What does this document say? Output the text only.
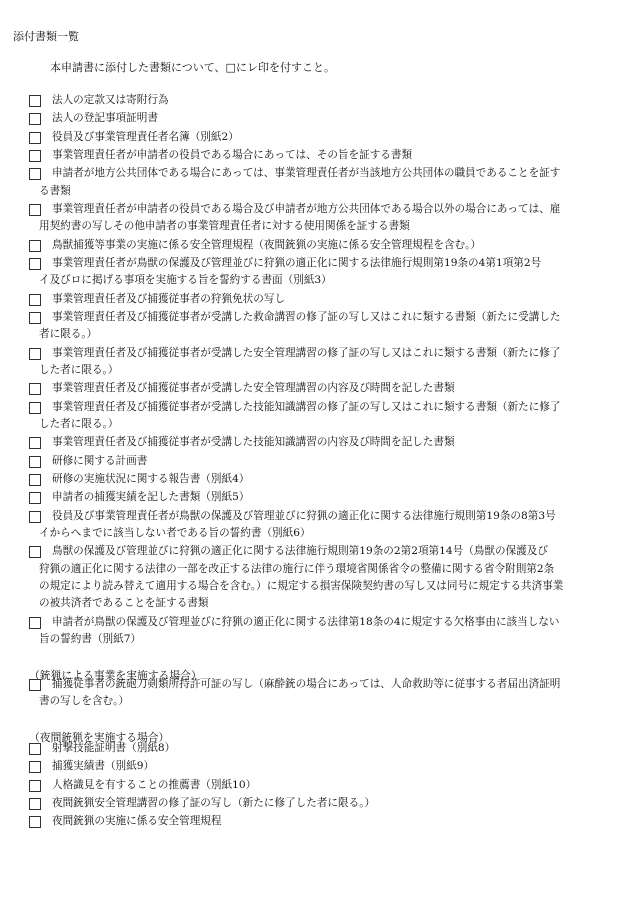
添付書類一覧
本申請書に添付した書類について、□にレ印を付すこと。
法人の定款又は寄附行為
法人の登記事項証明書
役員及び事業管理責任者名簿（別紙2）
事業管理責任者が申請者の役員である場合にあっては、その旨を証する書類
申請者が地方公共団体である場合にあっては、事業管理責任者が当該地方公共団体の職員であることを証す
る書類
事業管理責任者が申請者の役員である場合及び申請者が地方公共団体である場合以外の場合にあっては、雇
用契約書の写しその他申請者の事業管理責任者に対する使用関係を証する書類
鳥獣捕獲等事業の実施に係る安全管理規程（夜間銃猟の実施に係る安全管理規程を含む。）
事業管理責任者が鳥獣の保護及び管理並びに狩猟の適正化に関する法律施行規則第19条の4第1項第2号
イ及びロに掲げる事項を実施する旨を誓約する書面（別紙3）
事業管理責任者及び捕獲従事者の狩猟免状の写し
事業管理責任者及び捕獲従事者が受講した救命講習の修了証の写し又はこれに類する書類（新たに受講した
者に限る。）
事業管理責任者及び捕獲従事者が受講した安全管理講習の修了証の写し又はこれに類する書類（新たに修了
した者に限る。）
事業管理責任者及び捕獲従事者が受講した安全管理講習の内容及び時間を記した書類
事業管理責任者及び捕獲従事者が受講した技能知識講習の修了証の写し又はこれに類する書類（新たに修了
した者に限る。）
事業管理責任者及び捕獲従事者が受講した技能知識講習の内容及び時間を記した書類
研修に関する計画書
研修の実施状況に関する報告書（別紙4）
申請者の捕獲実績を記した書類（別紙5）
役員及び事業管理責任者が鳥獣の保護及び管理並びに狩猟の適正化に関する法律施行規則第19条の8第3号
イからへまでに該当しない者である旨の誓約書（別紙6）
鳥獣の保護及び管理並びに狩猟の適正化に関する法律施行規則第19条の2第2項第14号（鳥獣の保護及び
狩猟の適正化に関する法律の一部を改正する法律の施行に伴う環境省関係省令の整備に関する省令附則第2条
の規定により読み替えて適用する場合を含む。）に規定する損害保険契約書の写し又は同号に規定する共済事業
の被共済者であることを証する書類
申請者が鳥獣の保護及び管理並びに狩猟の適正化に関する法律第18条の4に規定する欠格事由に該当しない
旨の誓約書（別紙7）
（銃猟による事業を実施する場合）
捕獲従事者の銃砲刀剣類所持許可証の写し（麻酔銃の場合にあっては、人命救助等に従事する者届出済証明
書の写しを含む。）
（夜間銃猟を実施する場合）
射撃技能証明書（別紙8）
捕獲実績書（別紙9）
人格識見を有することの推薦書（別紙10）
夜間銃猟安全管理講習の修了証の写し（新たに修了した者に限る。）
夜間銃猟の実施に係る安全管理規程
